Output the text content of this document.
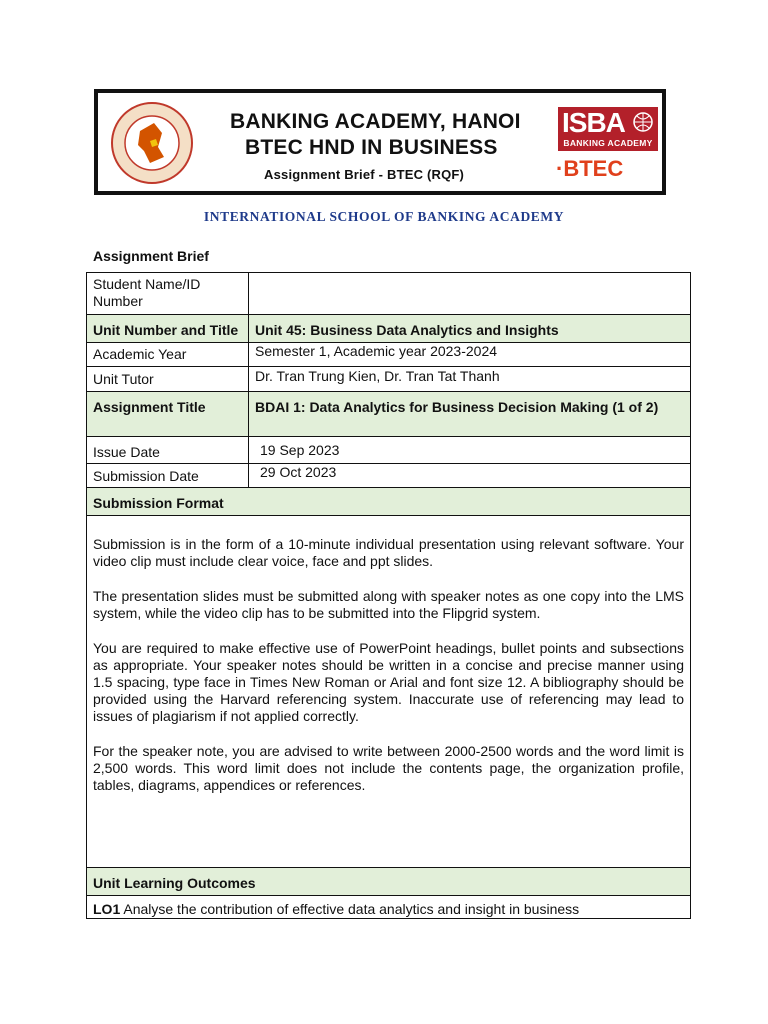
BANKING ACADEMY, HANOI
BTEC HND IN BUSINESS
Assignment Brief - BTEC (RQF)
ISBA
BANKING ACADEMY
·BTEC
INTERNATIONAL SCHOOL OF BANKING ACADEMY
Assignment Brief
Student Name/ID Number	
Unit Number and Title	Unit 45: Business Data Analytics and Insights
Academic Year	Semester 1, Academic year 2023-2024
Unit Tutor	Dr. Tran Trung Kien, Dr. Tran Tat Thanh
Assignment Title	BDAI 1: Data Analytics for Business Decision Making (1 of 2)
Issue Date	19 Sep 2023
Submission Date	29 Oct 2023
Submission Format	

Submission is in the form of a 10-minute individual presentation using relevant software. Your video clip must include clear voice, face and ppt slides.

The presentation slides must be submitted along with speaker notes as one copy into the LMS system, while the video clip has to be submitted into the Flipgrid system.

You are required to make effective use of PowerPoint headings, bullet points and subsections as appropriate. Your speaker notes should be written in a concise and precise manner using 1.5 spacing, type face in Times New Roman or Arial and font size 12. A bibliography should be provided using the Harvard referencing system. Inaccurate use of referencing may lead to issues of plagiarism if not applied correctly.

For the speaker note, you are advised to write between 2000-2500 words and the word limit is 2,500 words. This word limit does not include the contents page, the organization profile, tables, diagrams, appendices or references.	

Unit Learning Outcomes	
LO1 Analyse the contribution of effective data analytics and insight in business	
